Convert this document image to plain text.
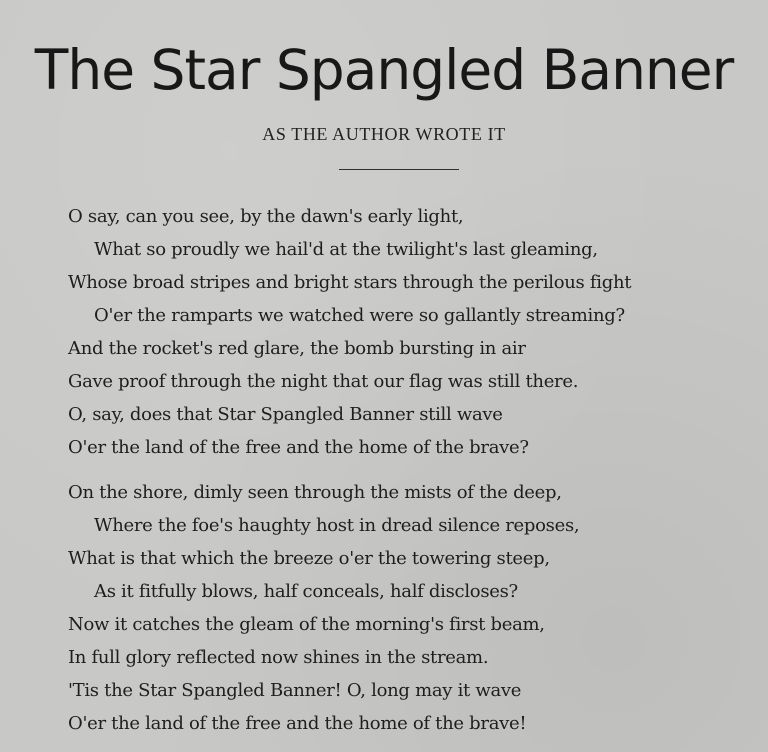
The Star Spangled Banner
AS THE AUTHOR WROTE IT
O say, can you see, by the dawn's early light,
What so proudly we hail'd at the twilight's last gleaming,
Whose broad stripes and bright stars through the perilous fight
O'er the ramparts we watched were so gallantly streaming?
And the rocket's red glare, the bomb bursting in air
Gave proof through the night that our flag was still there.
O, say, does that Star Spangled Banner still wave
O'er the land of the free and the home of the brave?
On the shore, dimly seen through the mists of the deep,
Where the foe's haughty host in dread silence reposes,
What is that which the breeze o'er the towering steep,
As it fitfully blows, half conceals, half discloses?
Now it catches the gleam of the morning's first beam,
In full glory reflected now shines in the stream.
'Tis the Star Spangled Banner! O, long may it wave
O'er the land of the free and the home of the brave!
